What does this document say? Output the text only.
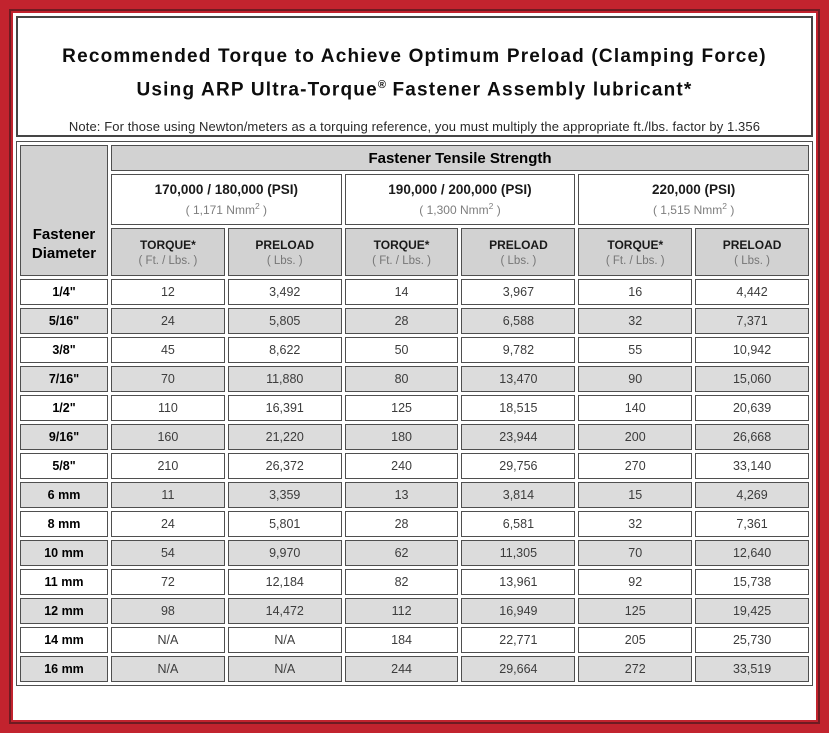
Recommended Torque to Achieve Optimum Preload (Clamping Force)
Using ARP Ultra-Torque® Fastener Assembly lubricant*
Note: For those using Newton/meters as a torquing reference, you must multiply the appropriate ft./lbs. factor by 1.356
Fastener
Diameter	Fastener Tensile Strength					

170,000 / 180,000 (PSI)
( 1,171 Nmm$^2$ )

190,000 / 200,000 (PSI)
( 1,300 Nmm$^2$ )

220,000 (PSI)
( 1,515 Nmm$^2$ )

TORQUE*
( Ft. / Lbs. )

PRELOAD
( Lbs. )

TORQUE*
( Ft. / Lbs. )

PRELOAD
( Lbs. )

TORQUE*
( Ft. / Lbs. )

PRELOAD
( Lbs. )

1/4"	12	3,492	14	3,967	16	4,442
5/16"	24	5,805	28	6,588	32	7,371
3/8"	45	8,622	50	9,782	55	10,942
7/16"	70	11,880	80	13,470	90	15,060
1/2"	110	16,391	125	18,515	140	20,639
9/16"	160	21,220	180	23,944	200	26,668
5/8"	210	26,372	240	29,756	270	33,140
6 mm	11	3,359	13	3,814	15	4,269
8 mm	24	5,801	28	6,581	32	7,361
10 mm	54	9,970	62	11,305	70	12,640
11 mm	72	12,184	82	13,961	92	15,738
12 mm	98	14,472	112	16,949	125	19,425
14 mm	N/A	N/A	184	22,771	205	25,730
16 mm	N/A	N/A	244	29,664	272	33,519
